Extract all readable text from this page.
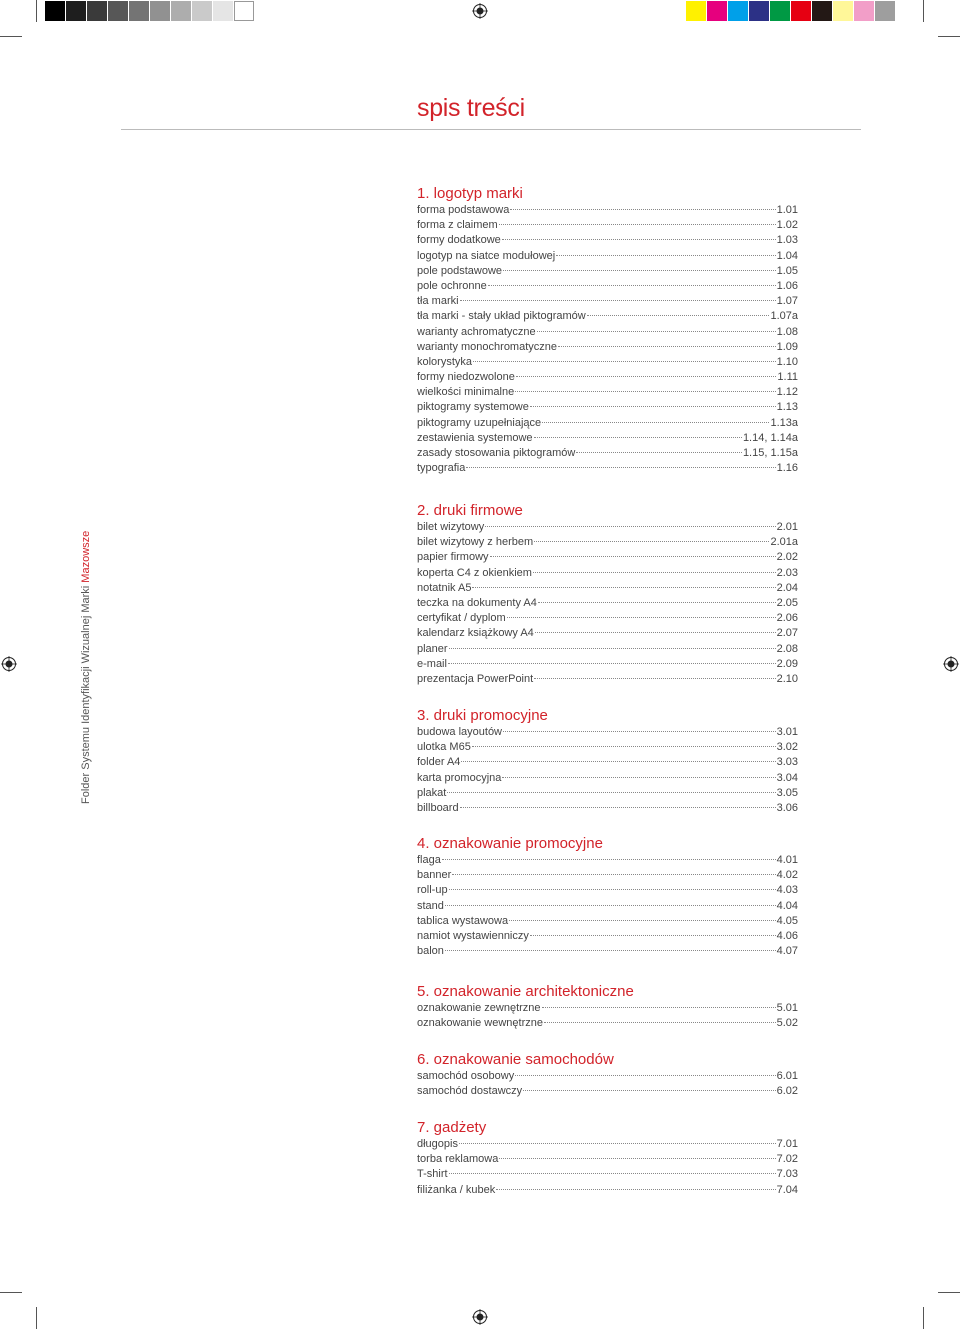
spis treści
Folder Systemu Identyfikacji Wizualnej Marki Mazowsze
1. logotyp marki
forma podstawowa	1.01
forma z claimem	1.02
formy dodatkowe	1.03
logotyp na siatce modułowej	1.04
pole podstawowe	1.05
pole ochronne	1.06
tła marki	1.07
tła marki - stały układ piktogramów	1.07a
warianty achromatyczne	1.08
warianty monochromatyczne	1.09
kolorystyka	1.10
formy niedozwolone	1.11
wielkości minimalne	1.12
piktogramy systemowe	1.13
piktogramy uzupełniające	1.13a
zestawienia systemowe	1.14, 1.14a
zasady stosowania piktogramów	1.15, 1.15a
typografia	1.16
2. druki firmowe
bilet wizytowy	2.01
bilet wizytowy z herbem	2.01a
papier firmowy	2.02
koperta C4 z okienkiem	2.03
notatnik A5	2.04
teczka na dokumenty A4	2.05
certyfikat / dyplom	2.06
kalendarz książkowy A4	2.07
planer	2.08
e-mail	2.09
prezentacja PowerPoint	2.10
3. druki promocyjne
budowa layoutów	3.01
ulotka M65	3.02
folder A4	3.03
karta promocyjna	3.04
plakat	3.05
billboard	3.06
4. oznakowanie promocyjne
flaga	4.01
banner	4.02
roll-up	4.03
stand	4.04
tablica wystawowa	4.05
namiot wystawienniczy	4.06
balon	4.07
5. oznakowanie architektoniczne
oznakowanie zewnętrzne	5.01
oznakowanie wewnętrzne	5.02
6. oznakowanie samochodów
samochód osobowy	6.01
samochód dostawczy	6.02
7. gadżety
długopis	7.01
torba reklamowa	7.02
T-shirt	7.03
filiżanka / kubek	7.04
